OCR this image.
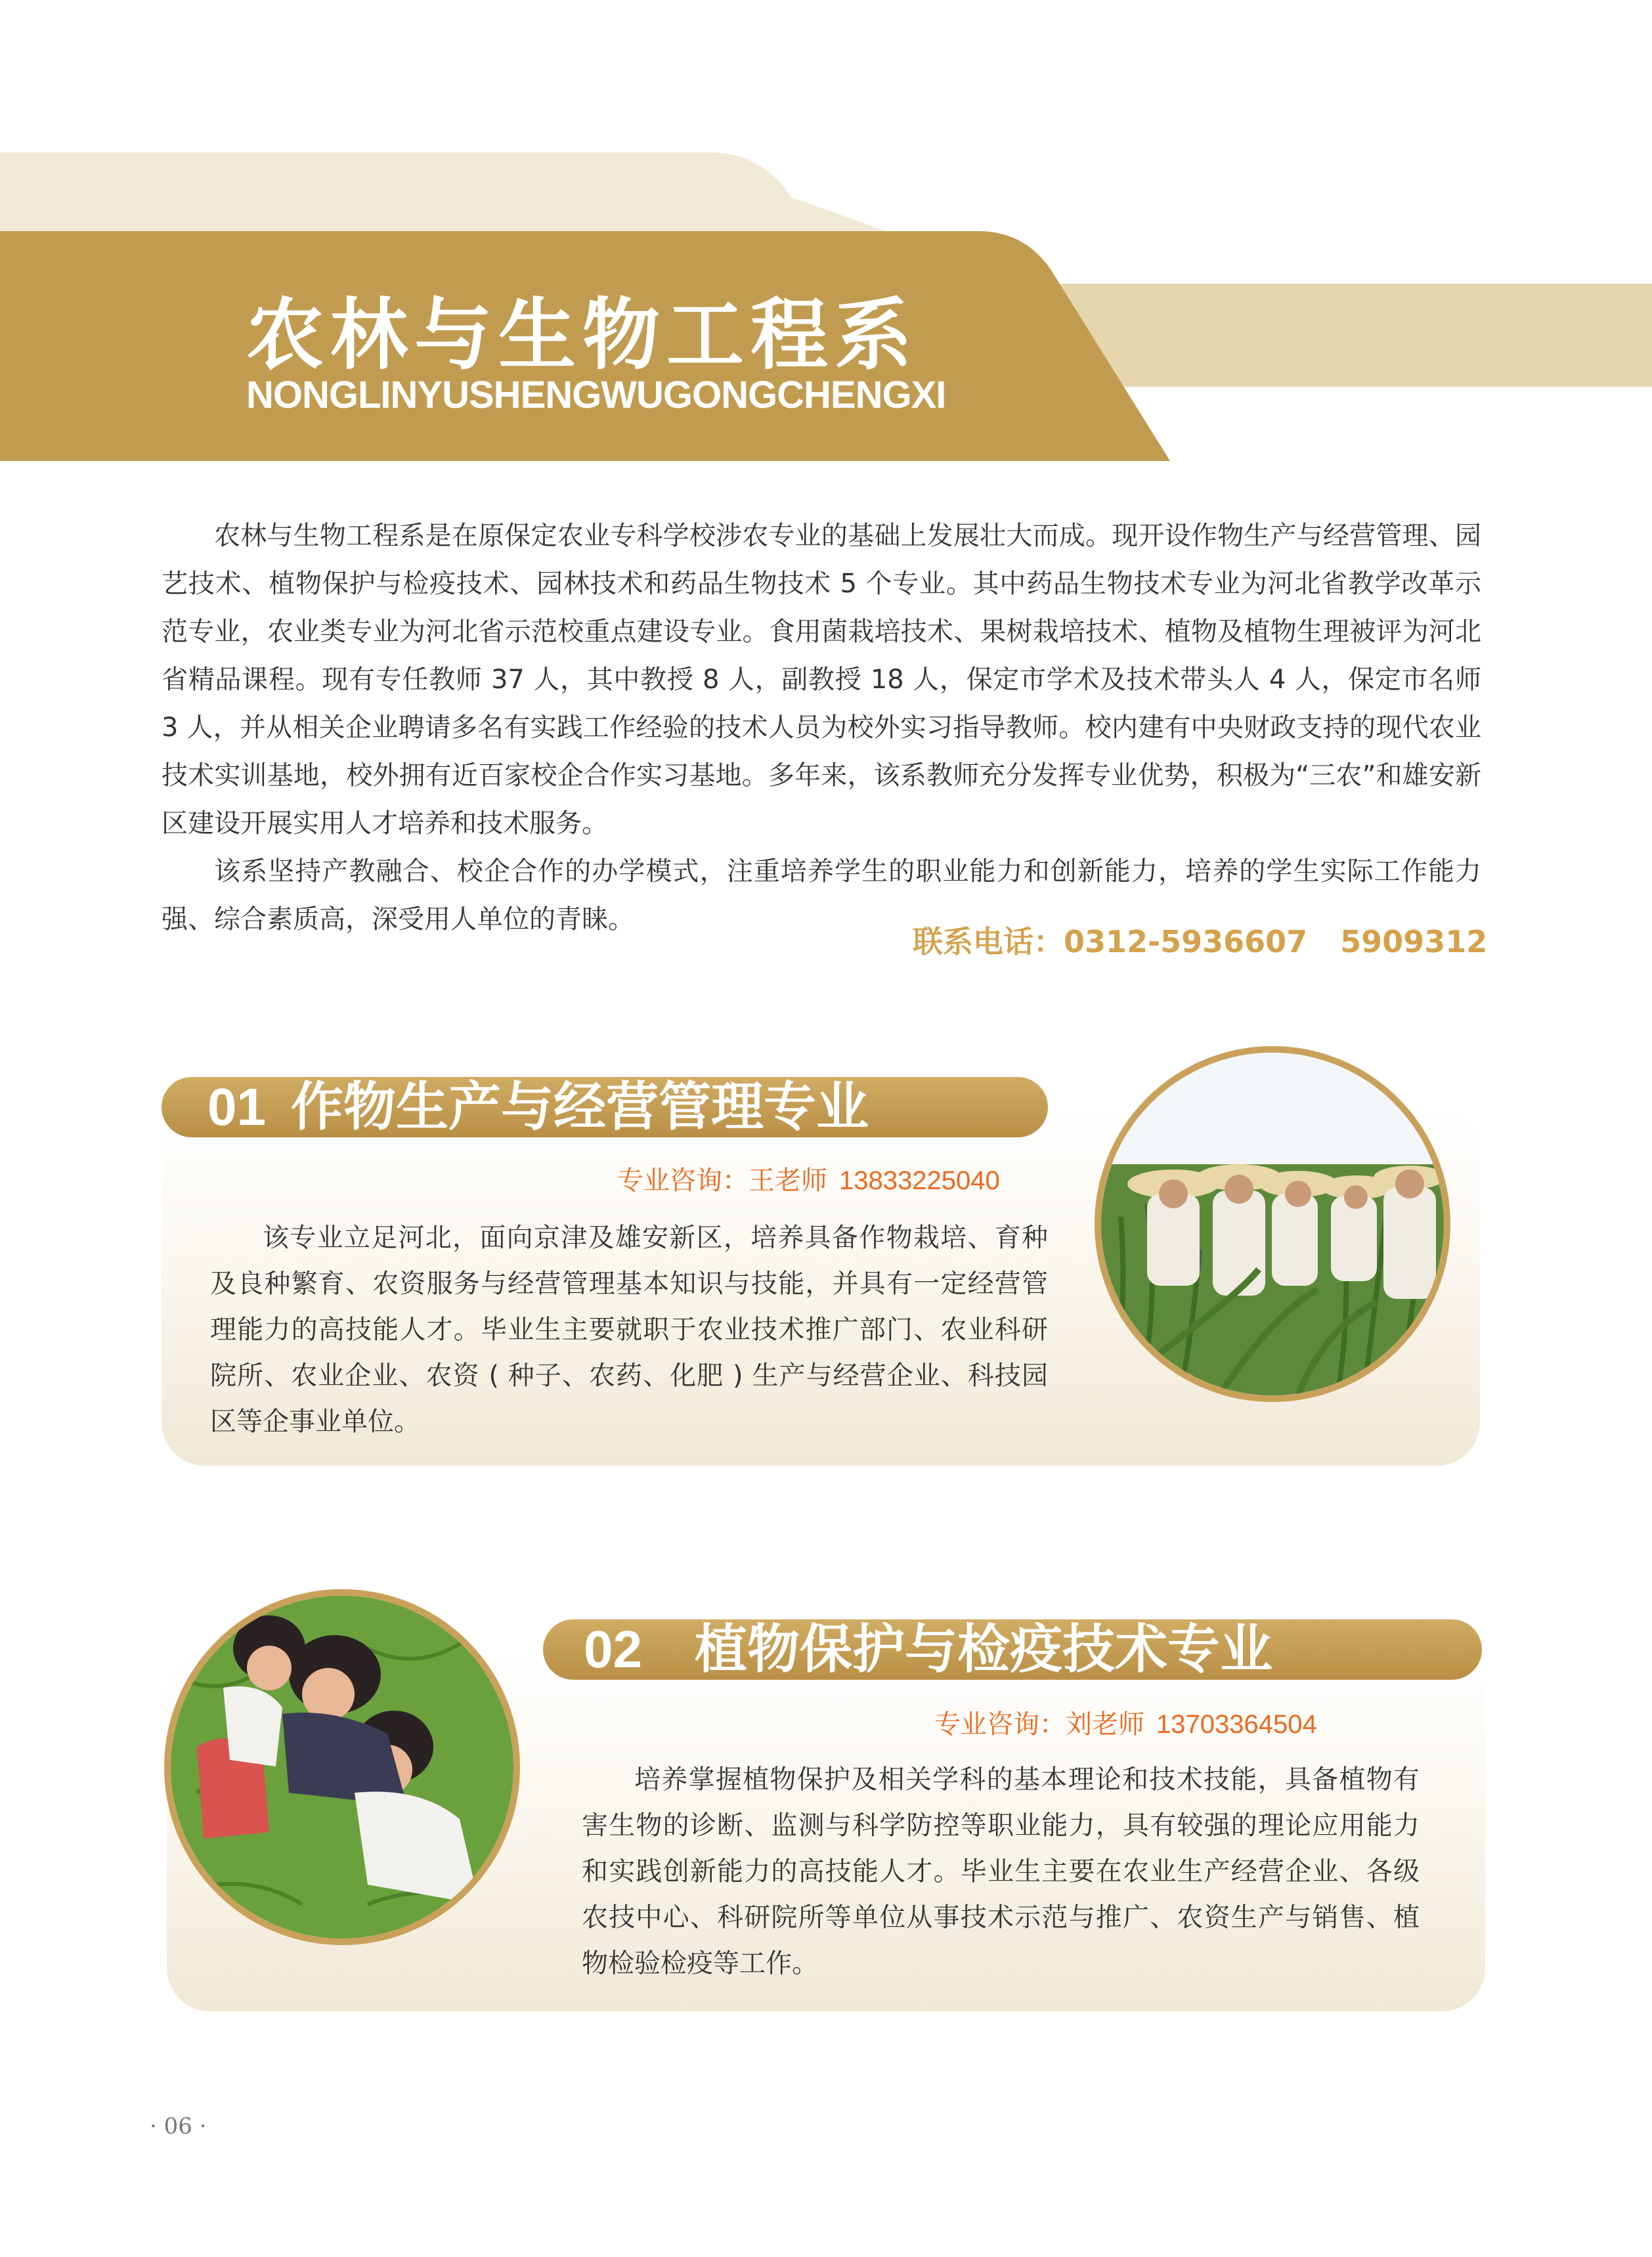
农林与生物工程系
NONGLINYUSHENGWUGONGCHENGXI

农林与生物工程系是在原保定农业专科学校涉农专业的基础上发展壮大而成。现开设作物生产与经营管理、园艺技术、植物保护与检疫技术、园林技术和药品生物技术 5 个专业。其中药品生物技术专业为河北省教学改革示范专业，农业类专业为河北省示范校重点建设专业。食用菌栽培技术、果树栽培技术、植物及植物生理被评为河北省精品课程。现有专任教师 37 人，其中教授 8 人，副教授 18 人，保定市学术及技术带头人 4 人，保定市名师 3 人，并从相关企业聘请多名有实践工作经验的技术人员为校外实习指导教师。校内建有中央财政支持的现代农业技术实训基地，校外拥有近百家校企合作实习基地。多年来，该系教师充分发挥专业优势，积极为“三农”和雄安新区建设开展实用人才培养和技术服务。

该系坚持产教融合、校企合作的办学模式，注重培养学生的职业能力和创新能力，培养的学生实际工作能力强、综合素质高，深受用人单位的青睐。

联系电话：0312-5936607 5909312
01 作物生产与经营管理专业
专业咨询：王老师 13833225040

该专业立足河北，面向京津及雄安新区，培养具备作物栽培、育种及良种繁育、农资服务与经营管理基本知识与技能，并具有一定经营管理能力的高技能人才。毕业生主要就职于农业技术推广部门、农业科研院所、农业企业、农资 ( 种子、农药、化肥 ) 生产与经营企业、科技园区等企事业单位。

02 植物保护与检疫技术专业
专业咨询：刘老师 13703364504

培养掌握植物保护及相关学科的基本理论和技术技能，具备植物有害生物的诊断、监测与科学防控等职业能力，具有较强的理论应用能力和实践创新能力的高技能人才。毕业生主要在农业生产经营企业、各级农技中心、科研院所等单位从事技术示范与推广、农资生产与销售、植物检验检疫等工作。

· 06 ·
